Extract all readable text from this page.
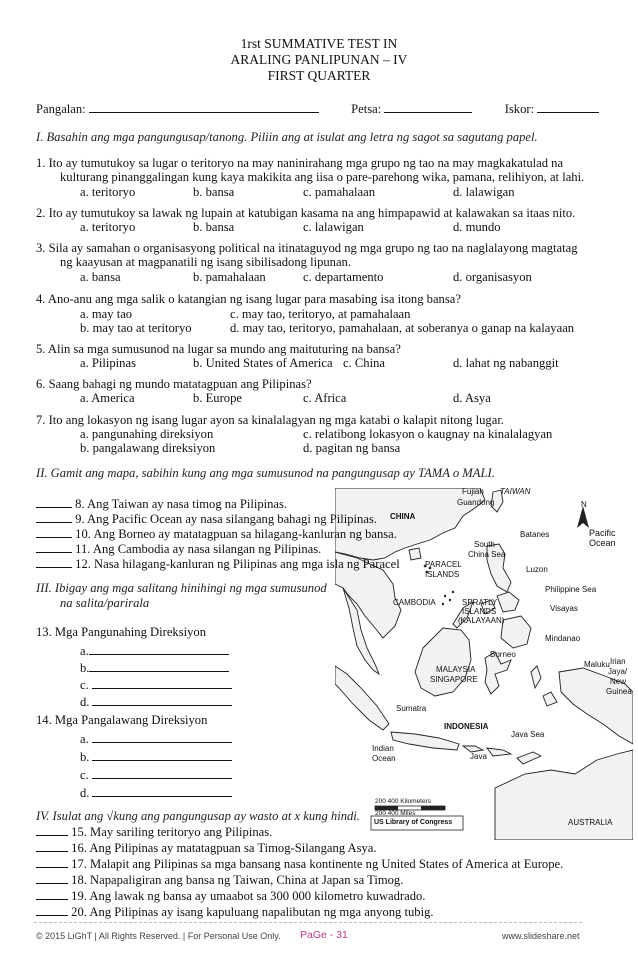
1rst SUMMATIVE TEST IN
ARALING PANLIPUNAN – IV
FIRST QUARTER
Pangalan:	Petsa:	Iskor:
I. Basahin ang mga pangungusap/tanong. Piliin ang at isulat ang letra ng sagot sa sagutang papel.
1. Ito ay tumutukoy sa lugar o teritoryo na may naninirahang mga grupo ng tao na may magkakatulad na
kulturang pinanggalingan kung kaya makikita ang iisa o pare-parehong wika, pamana, relihiyon, at lahi.
a. teritoryo	b. bansa	c. pamahalaan	d. lalawigan
2. Ito ay tumutukoy sa lawak ng lupain at katubigan kasama na ang himpapawid at kalawakan sa itaas nito.
a. teritoryo	b. bansa	c. lalawigan	d. mundo
3. Sila ay samahan o organisasyong political na itinataguyod ng mga grupo ng tao na naglalayong magtatag
ng kaayusan at magpanatili ng isang sibilisadong lipunan.
a. bansa	b. pamahalaan	c. departamento	d. organisasyon
4. Ano-anu ang mga salik o katangian ng isang lugar para masabing isa itong bansa?
a. may tao	c. may tao, teritoryo, at pamahalaan
b. may tao at teritoryo	d. may tao, teritoryo, pamahalaan, at soberanya o ganap na kalayaan
5. Alin sa mga sumusunod na lugar sa mundo ang maituturing na bansa?
a. Pilipinas	b. United States of America c. China	d. lahat ng nabanggit
6. Saang bahagi ng mundo matatagpuan ang Pilipinas?
a. America	b. Europe	c. Africa	d. Asya
7. Ito ang lokasyon ng isang lugar ayon sa kinalalagyan ng mga katabi o kalapit nitong lugar.
a. pangunahing direksiyon	c. relatibong lokasyon o kaugnay na kinalalagyan
b. pangalawang direksiyon	d. pagitan ng bansa
II. Gamit ang mapa, sabihin kung ang mga sumusunod na pangungusap ay TAMA o MALI.
Fujian TAIWAN
Guandong
CHINA
Pacific
Ocean
Batanes
South
China Sea
Luzon
PARACEL
ISLANDS
Philippine Sea
CAMBODIA	SPRATLY
ISLANDS
(KALAYAAN)
Visayas
Mindanao
MALAYSIA
SINGAPORE
Borneo
Sumatra
INDONESIA
Maluku Irian
Jaya/
New
Guinea
Java Sea
Java
Indian
Ocean
200 400 Kilometers
200 400 Miles
US Library of Congress	AUSTRALIA
N
8. Ang Taiwan ay nasa timog na Pilipinas.
9. Ang Pacific Ocean ay nasa silangang bahagi ng Pilipinas.
10. Ang Borneo ay matatagpuan sa hilagang-kanluran ng bansa.
11. Ang Cambodia ay nasa silangan ng Pilipinas.
12. Nasa hilagang-kanluran ng Pilipinas ang mga isla ng Paracel
III. Ibigay ang mga salitang hinihingi ng mga sumusunod
na salita/parirala
13. Mga Pangunahing Direksiyon
a.
b.
c.
d.
14. Mga Pangalawang Direksiyon
a.
b.
c.
d.
IV. Isulat ang √kung ang pangungusap ay wasto at x kung hindi.
15. May sariling teritoryo ang Pilipinas.
16. Ang Pilipinas ay matatagpuan sa Timog-Silangang Asya.
17. Malapit ang Pilipinas sa mga bansang nasa kontinente ng United States of America at Europe.
18. Napapaligiran ang bansa ng Taiwan, China at Japan sa Timog.
19. Ang lawak ng bansa ay umaabot sa 300 000 kilometro kuwadrado.
20. Ang Pilipinas ay isang kapuluang napalibutan ng mga anyong tubig.
© 2015 LiGhT | All Rights Reserved. | For Personal Use Only. PaGe - 31	www.slideshare.net
